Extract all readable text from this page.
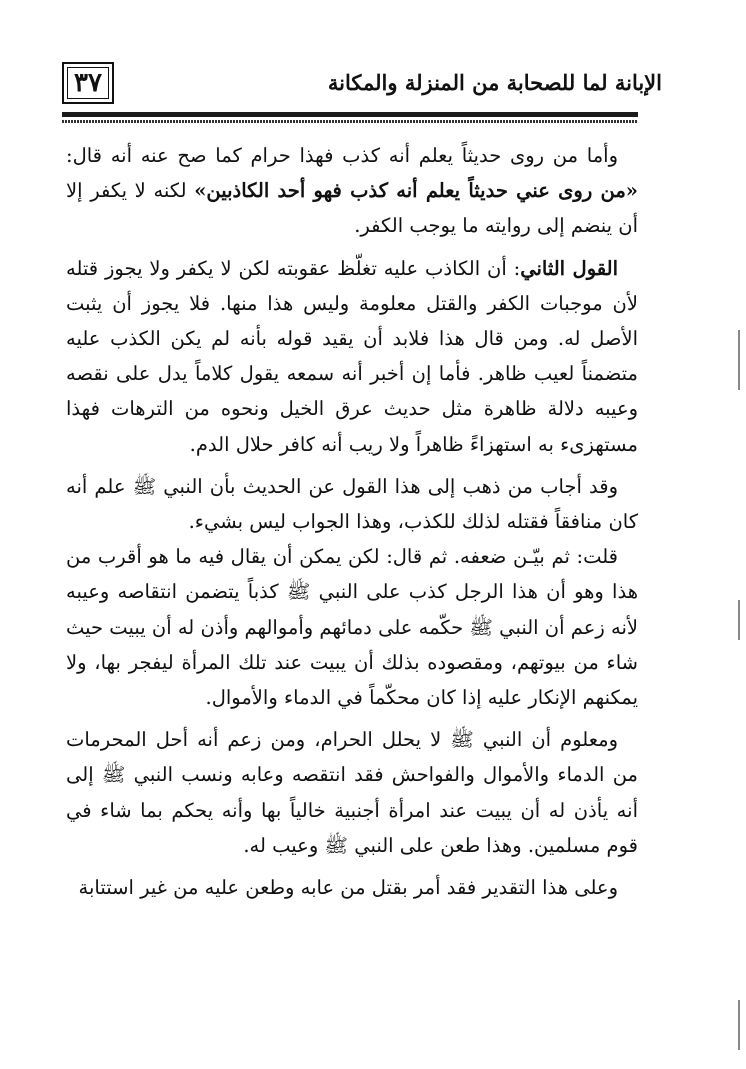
٣٧	الإبانة لما للصحابة من المنزلة والمكانة

وأما من روى حديثاً يعلم أنه كذب فهذا حرام كما صح عنه أنه قال: «من روى عني حديثاً يعلم أنه كذب فهو أحد الكاذبين» لكنه لا يكفر إلا أن ينضم إلى روايته ما يوجب الكفر.

القول الثاني: أن الكاذب عليه تغلّظ عقوبته لكن لا يكفر ولا يجوز قتله لأن موجبات الكفر والقتل معلومة وليس هذا منها. فلا يجوز أن يثبت الأصل له. ومن قال هذا فلابد أن يقيد قوله بأنه لم يكن الكذب عليه متضمناً لعيب ظاهر. فأما إن أخبر أنه سمعه يقول كلاماً يدل على نقصه وعيبه دلالة ظاهرة مثل حديث عرق الخيل ونحوه من الترهات فهذا مستهزىء به استهزاءً ظاهراً ولا ريب أنه كافر حلال الدم.

وقد أجاب من ذهب إلى هذا القول عن الحديث بأن النبي ﷺ علم أنه كان منافقاً فقتله لذلك للكذب، وهذا الجواب ليس بشيء.

قلت: ثم بيّـن ضعفه. ثم قال: لكن يمكن أن يقال فيه ما هو أقرب من هذا وهو أن هذا الرجل كذب على النبي ﷺ كذباً يتضمن انتقاصه وعيبه لأنه زعم أن النبي ﷺ حكّمه على دمائهم وأموالهم وأذن له أن يبيت حيث شاء من بيوتهم، ومقصوده بذلك أن يبيت عند تلك المرأة ليفجر بها، ولا يمكنهم الإنكار عليه إذا كان محكّماً في الدماء والأموال.

ومعلوم أن النبي ﷺ لا يحلل الحرام، ومن زعم أنه أحل المحرمات من الدماء والأموال والفواحش فقد انتقصه وعابه ونسب النبي ﷺ إلى أنه يأذن له أن يبيت عند امرأة أجنبية خالياً بها وأنه يحكم بما شاء في قوم مسلمين. وهذا طعن على النبي ﷺ وعيب له.

وعلى هذا التقدير فقد أمر بقتل من عابه وطعن عليه من غير استتابة
